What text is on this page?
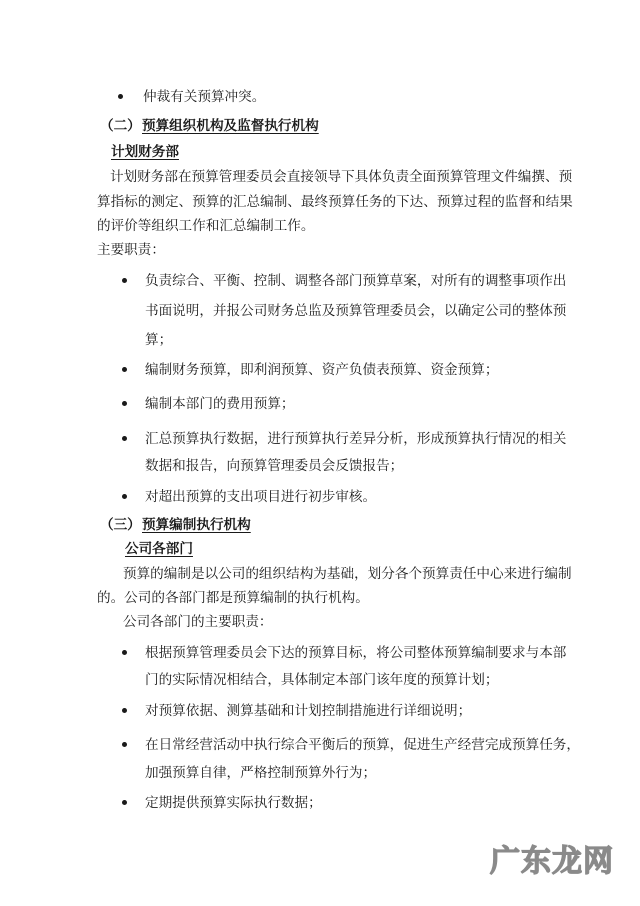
仲裁有关预算冲突。
（二） 预算组织机构及监督执行机构
计划财务部
计划财务部在预算管理委员会直接领导下具体负责全面预算管理文件编撰、预
算指标的测定、预算的汇总编制、最终预算任务的下达、预算过程的监督和结果
的评价等组织工作和汇总编制工作。
主要职责：
负责综合、平衡、控制、调整各部门预算草案，对所有的调整事项作出
书面说明，并报公司财务总监及预算管理委员会，以确定公司的整体预
算；
编制财务预算，即利润预算、资产负债表预算、资金预算；
编制本部门的费用预算；
汇总预算执行数据，进行预算执行差异分析，形成预算执行情况的相关
数据和报告，向预算管理委员会反馈报告；
对超出预算的支出项目进行初步审核。
（三） 预算编制执行机构
公司各部门
预算的编制是以公司的组织结构为基础，划分各个预算责任中心来进行编制
的。公司的各部门都是预算编制的执行机构。
公司各部门的主要职责：
根据预算管理委员会下达的预算目标，将公司整体预算编制要求与本部
门的实际情况相结合，具体制定本部门该年度的预算计划；
对预算依据、测算基础和计划控制措施进行详细说明；
在日常经营活动中执行综合平衡后的预算，促进生产经营完成预算任务，
加强预算自律，严格控制预算外行为；
定期提供预算实际执行数据；
广东龙网
